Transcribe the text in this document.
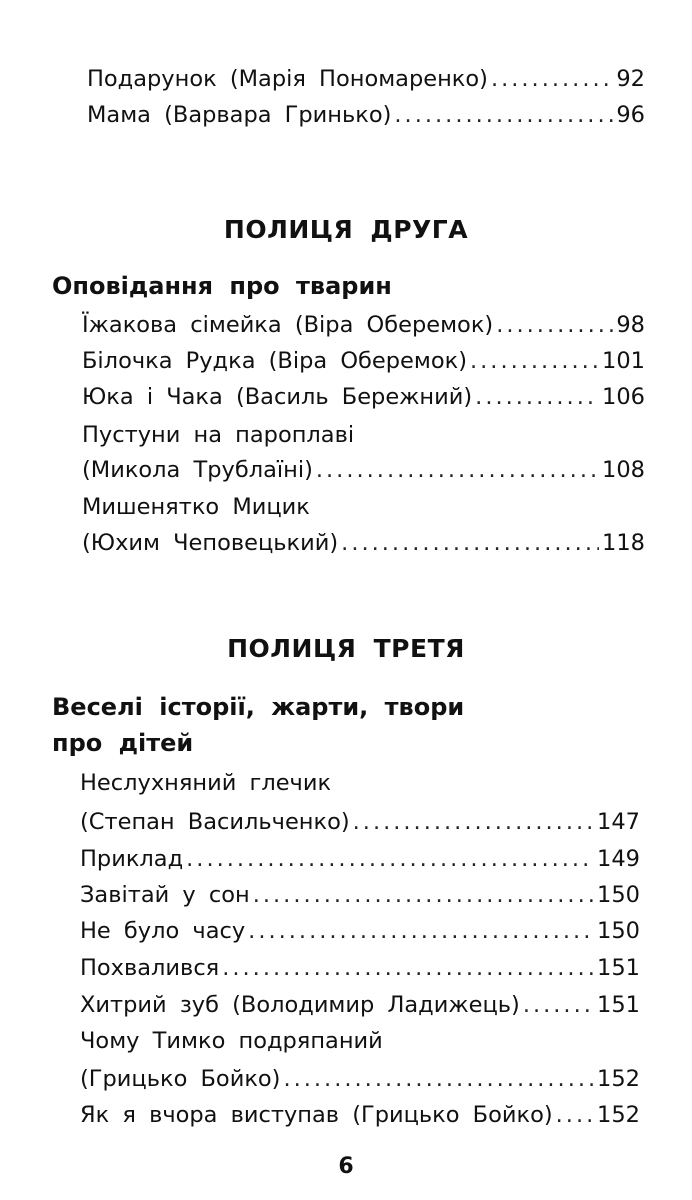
Подарунок (Марія Пономаренко) .....	92
Мама (Варвара Гринько) .....	96
ПОЛИЦЯ ДРУГА
Оповідання про тварин
Їжакова сімейка (Віра Оберемок) .....	98
Білочка Рудка (Віра Оберемок) .....	101
Юка і Чака (Василь Бережний) .....	106
Пустуни на пароплаві
(Микола Трублаїні) .....	108
Мишенятко Мицик
(Юхим Чеповецький) .....	118
ПОЛИЦЯ ТРЕТЯ
Веселі історії, жарти, твори
про дітей
Неслухняний глечик
(Степан Васильченко) .....	147
Приклад .....	149
Завітай у сон .....	150
Не було часу .....	150
Похвалився .....	151
Хитрий зуб (Володимир Ладижець) .....	151
Чому Тимко подряпаний
(Грицько Бойко) .....	152
Як я вчора виступав (Грицько Бойко) ..... 152
6
